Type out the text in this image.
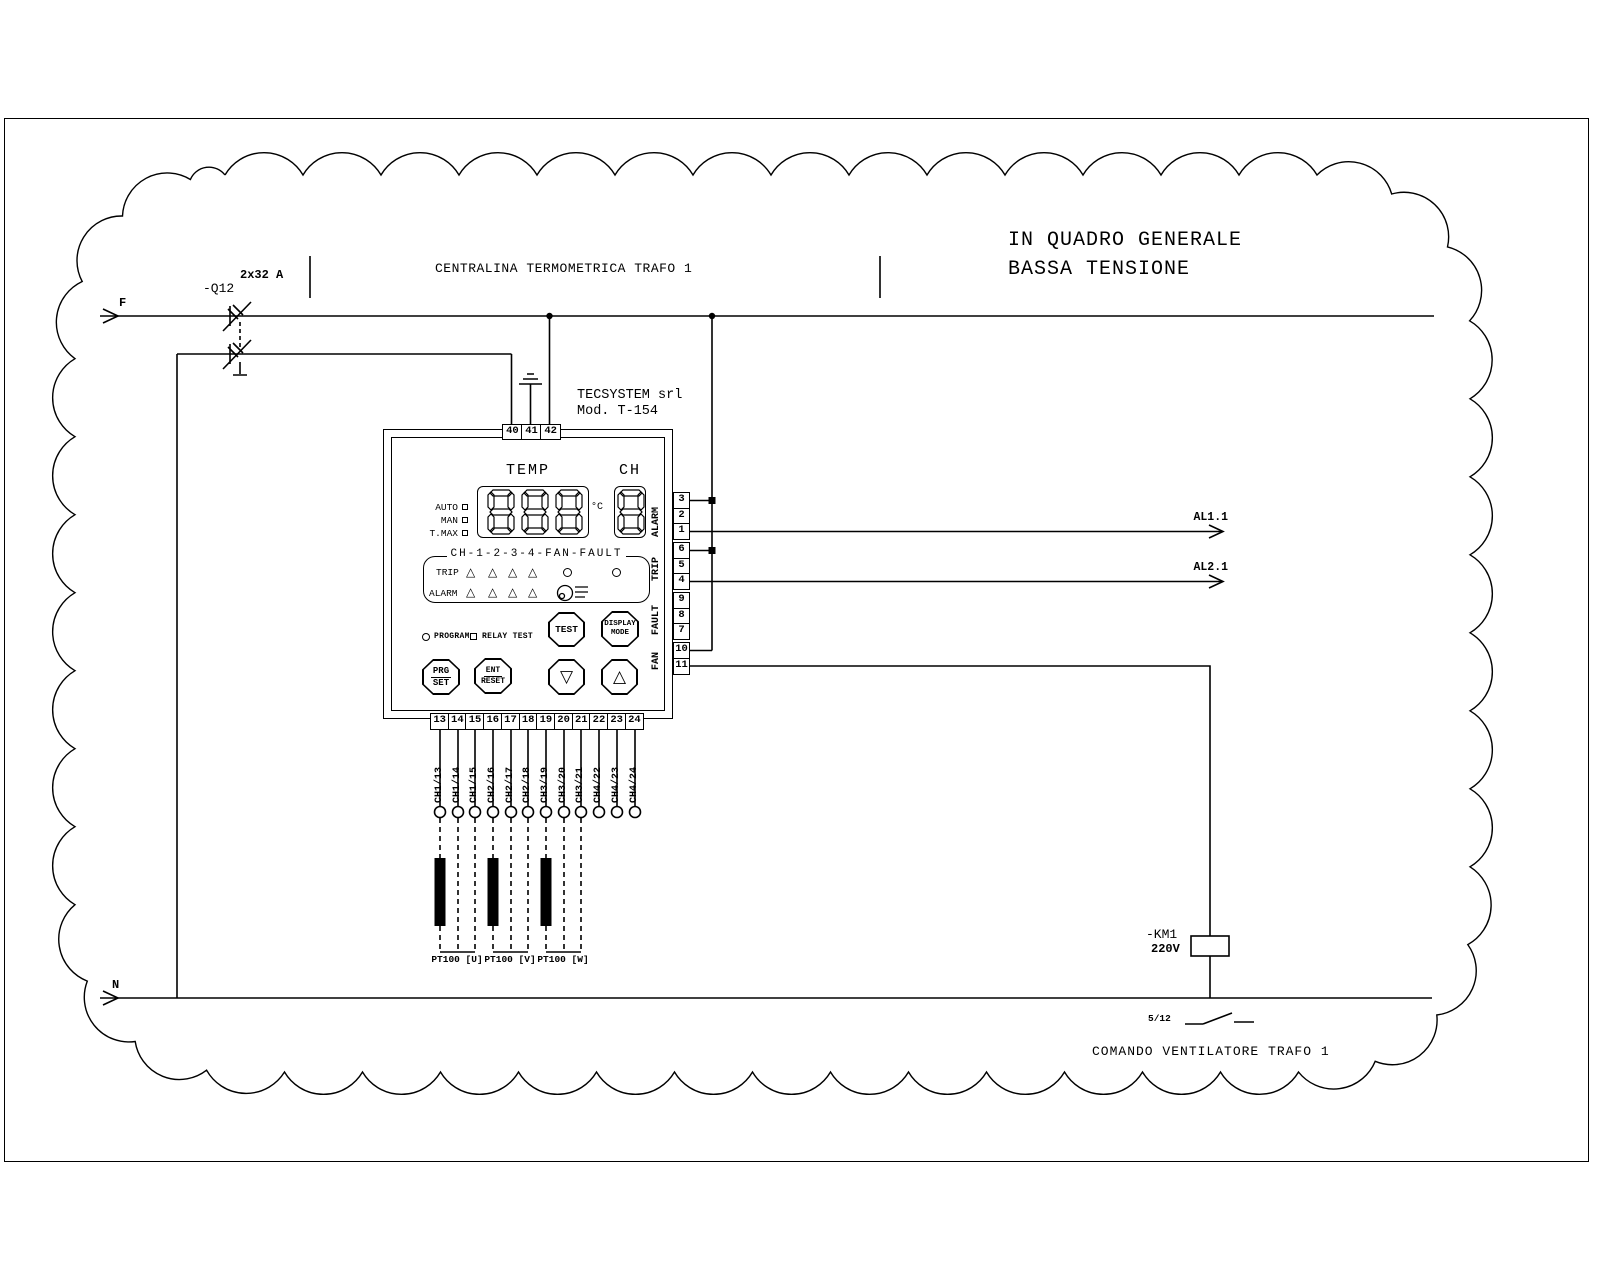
F
-Q12
2x32 A	CENTRALINA TERMOMETRICA TRAFO 1
IN QUADRO GENERALE
BASSA TENSIONE
TECSYSTEM srl
Mod. T-154
40 41 42
TEMP	CH
°C
AUTO
MAN
T.MAX
CH-1-2-3-4-FAN-FAULT
TRIP
ALARM
△ △ △ △
△ △ △ △
PROGRAM RELAY TEST
TEST	DISPLAY
MODE
PRG
SET
ENT
RESET	▽ △
3
2
1
6
5
4
9
8
7
10
11
ALARM
TRIP
FAULT
FAN
13 14 15 16 17 18 19 20 21 22 23 24
CH1/13 CH1/14 CH1/15 CH2/16 CH2/17 CH2/18 CH3/19 CH3/20 CH3/21 CH4/22 CH4/23 CH4/24
PT100 [U] PT100 [V] PT100 [W]
AL1.1
AL2.1
-KM1
220V
5/12
N
COMANDO VENTILATORE TRAFO 1
